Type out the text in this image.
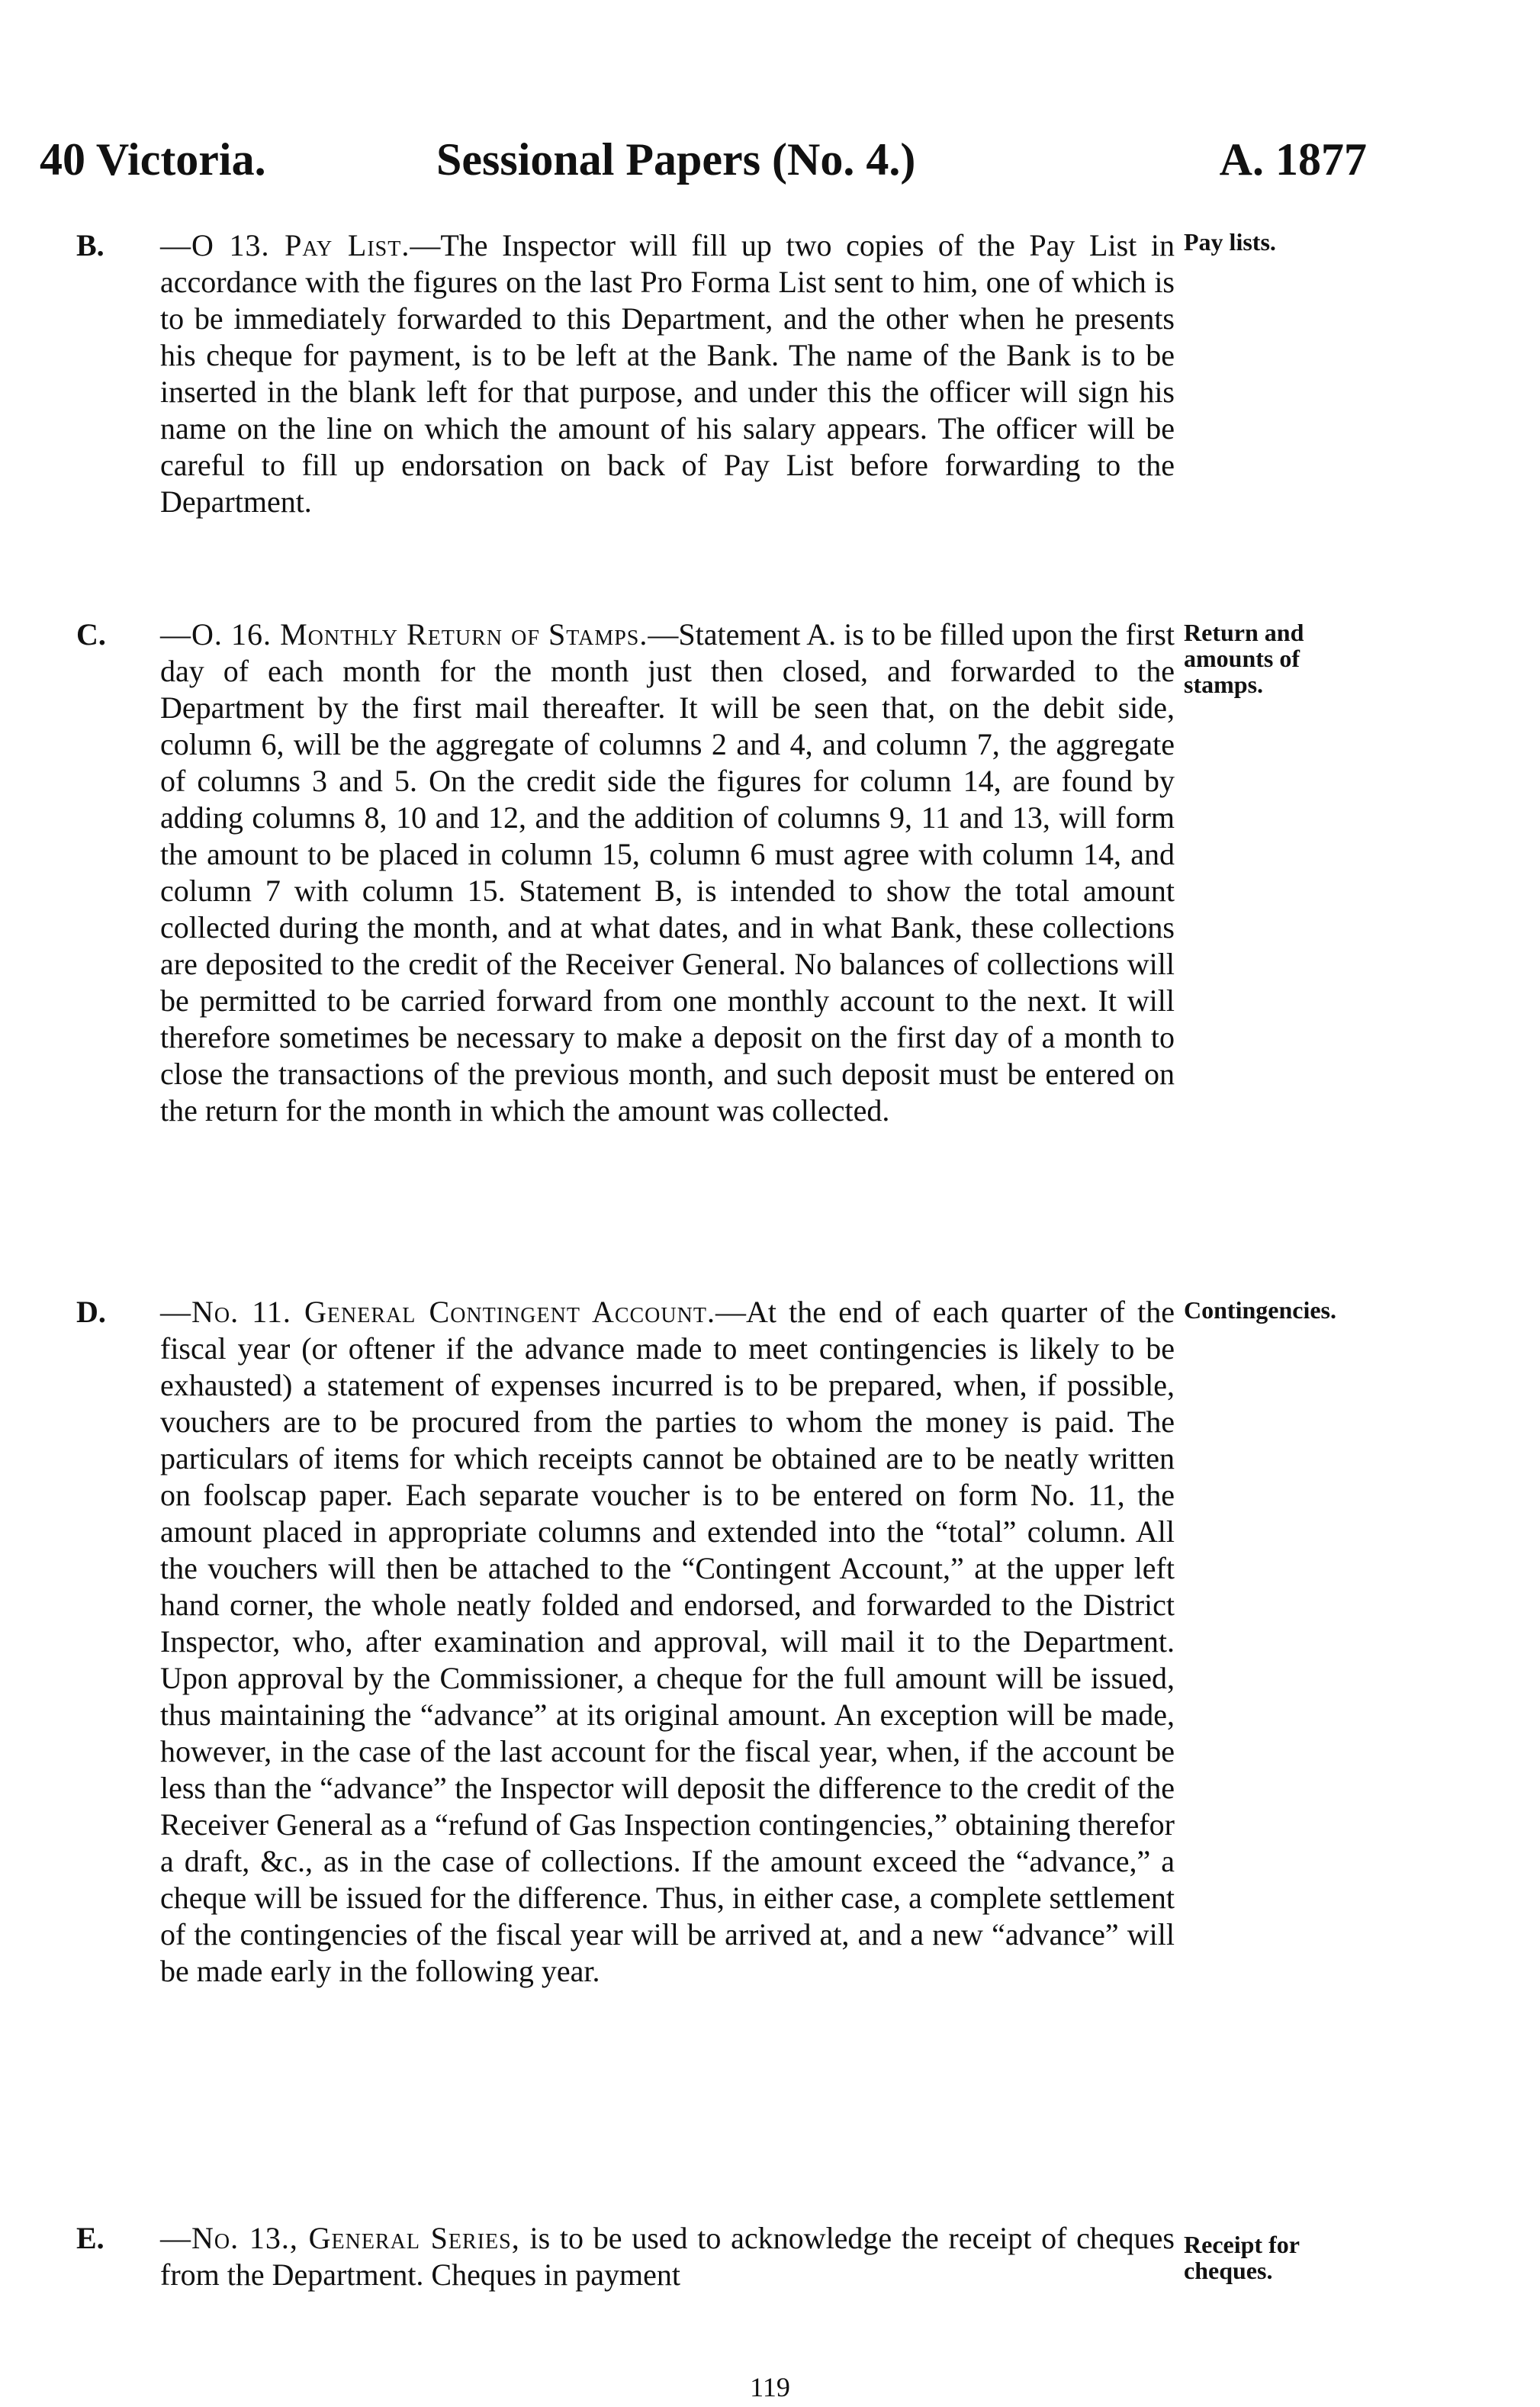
40 Victoria.	Sessional Papers (No. 4.)	A. 1877
B. —O 13. Pay List.—The Inspector will fill up two copies of the Pay List in accordance with the figures on the last Pro Forma List sent to him, one of which is to be immediately forwarded to this Department, and the other when he presents his cheque for payment, is to be left at the Bank. The name of the Bank is to be inserted in the blank left for that purpose, and under this the officer will sign his name on the line on which the amount of his salary appears. The officer will be careful to fill up endorsation on back of Pay List before forwarding to the Department.

Pay lists.
C. —O. 16. Monthly Return of Stamps.—Statement A. is to be filled upon the first day of each month for the month just then closed, and forwarded to the Department by the first mail thereafter. It will be seen that, on the debit side, column 6, will be the aggregate of columns 2 and 4, and column 7, the aggregate of columns 3 and 5. On the credit side the figures for column 14, are found by adding columns 8, 10 and 12, and the addition of columns 9, 11 and 13, will form the amount to be placed in column 15, column 6 must agree with column 14, and column 7 with column 15. Statement B, is intended to show the total amount collected during the month, and at what dates, and in what Bank, these collections are deposited to the credit of the Receiver General. No balances of collections will be permitted to be carried forward from one monthly account to the next. It will therefore sometimes be necessary to make a deposit on the first day of a month to close the transactions of the previous month, and such deposit must be entered on the return for the month in which the amount was collected.

Return and amounts of stamps.
D. —No. 11. General Contingent Account.—At the end of each quarter of the fiscal year (or oftener if the advance made to meet contingencies is likely to be exhausted) a statement of expenses incurred is to be prepared, when, if possible, vouchers are to be procured from the parties to whom the money is paid. The particulars of items for which receipts cannot be obtained are to be neatly written on foolscap paper. Each separate voucher is to be entered on form No. 11, the amount placed in appropriate columns and extended into the “total” column. All the vouchers will then be attached to the “Contingent Account,” at the upper left hand corner, the whole neatly folded and endorsed, and forwarded to the District Inspector, who, after examination and approval, will mail it to the Department. Upon approval by the Commissioner, a cheque for the full amount will be issued, thus maintaining the “advance” at its original amount. An exception will be made, however, in the case of the last account for the fiscal year, when, if the account be less than the “advance” the Inspector will deposit the difference to the credit of the Receiver General as a “refund of Gas Inspection contingencies,” obtaining therefor a draft, &c., as in the case of collections. If the amount exceed the “advance,” a cheque will be issued for the difference. Thus, in either case, a complete settlement of the contingencies of the fiscal year will be arrived at, and a new “advance” will be made early in the following year.

Contingencies.
E. —No. 13., General Series, is to be used to acknowledge the receipt of cheques from the Department. Cheques in payment

Receipt for cheques.
119
